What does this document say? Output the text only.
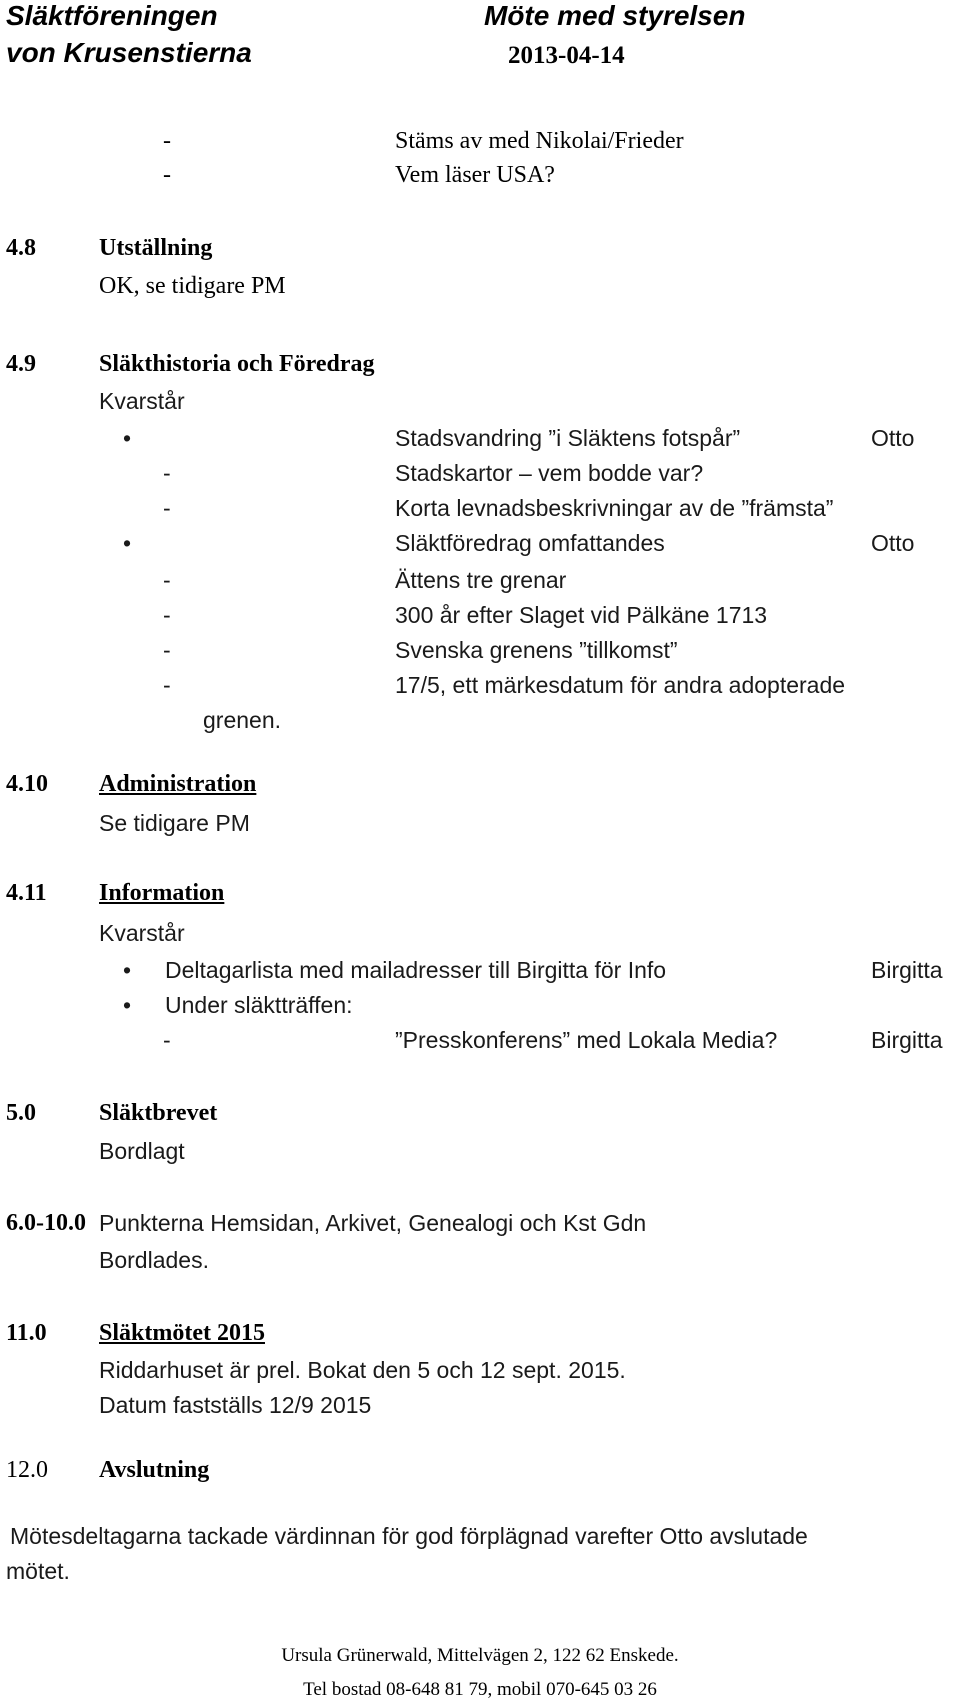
Släktföreningen
von Krusenstierna
Möte med styrelsen
2013-04-14
-	Stäms av med Nikolai/Frieder
-	Vem läser USA?
4.8	Utställning
OK, se tidigare PM
4.9	Släkthistoria och Föredrag
Kvarstår
•	Stadsvandring ”i Släktens fotspår”	Otto
-	Stadskartor – vem bodde var?
-	Korta levnadsbeskrivningar av de ”främsta”
•	Släktföredrag omfattandes	Otto
-	Ättens tre grenar
-	300 år efter Slaget vid Pälkäne 1713
-	Svenska grenens ”tillkomst”
-	17/5, ett märkesdatum för andra adopterade
grenen.
4.10 Administration
Se tidigare PM
4.11 Information
Kvarstår
• Deltagarlista med mailadresser till Birgitta för Info	Birgitta
• Under släktträffen:
-	”Presskonferens” med Lokala Media?	Birgitta
5.0	Släktbrevet
Bordlagt
6.0-10.0 Punkterna Hemsidan, Arkivet, Genealogi och Kst Gdn
Bordlades.
11.0 Släktmötet 2015
Riddarhuset är prel. Bokat den 5 och 12 sept. 2015.
Datum fastställs 12/9 2015
12.0 Avslutning
Mötesdeltagarna tackade värdinnan för god förplägnad varefter Otto avslutade
mötet.
Ursula Grünerwald, Mittelvägen 2, 122 62 Enskede.
Tel bostad 08-648 81 79, mobil 070-645 03 26
